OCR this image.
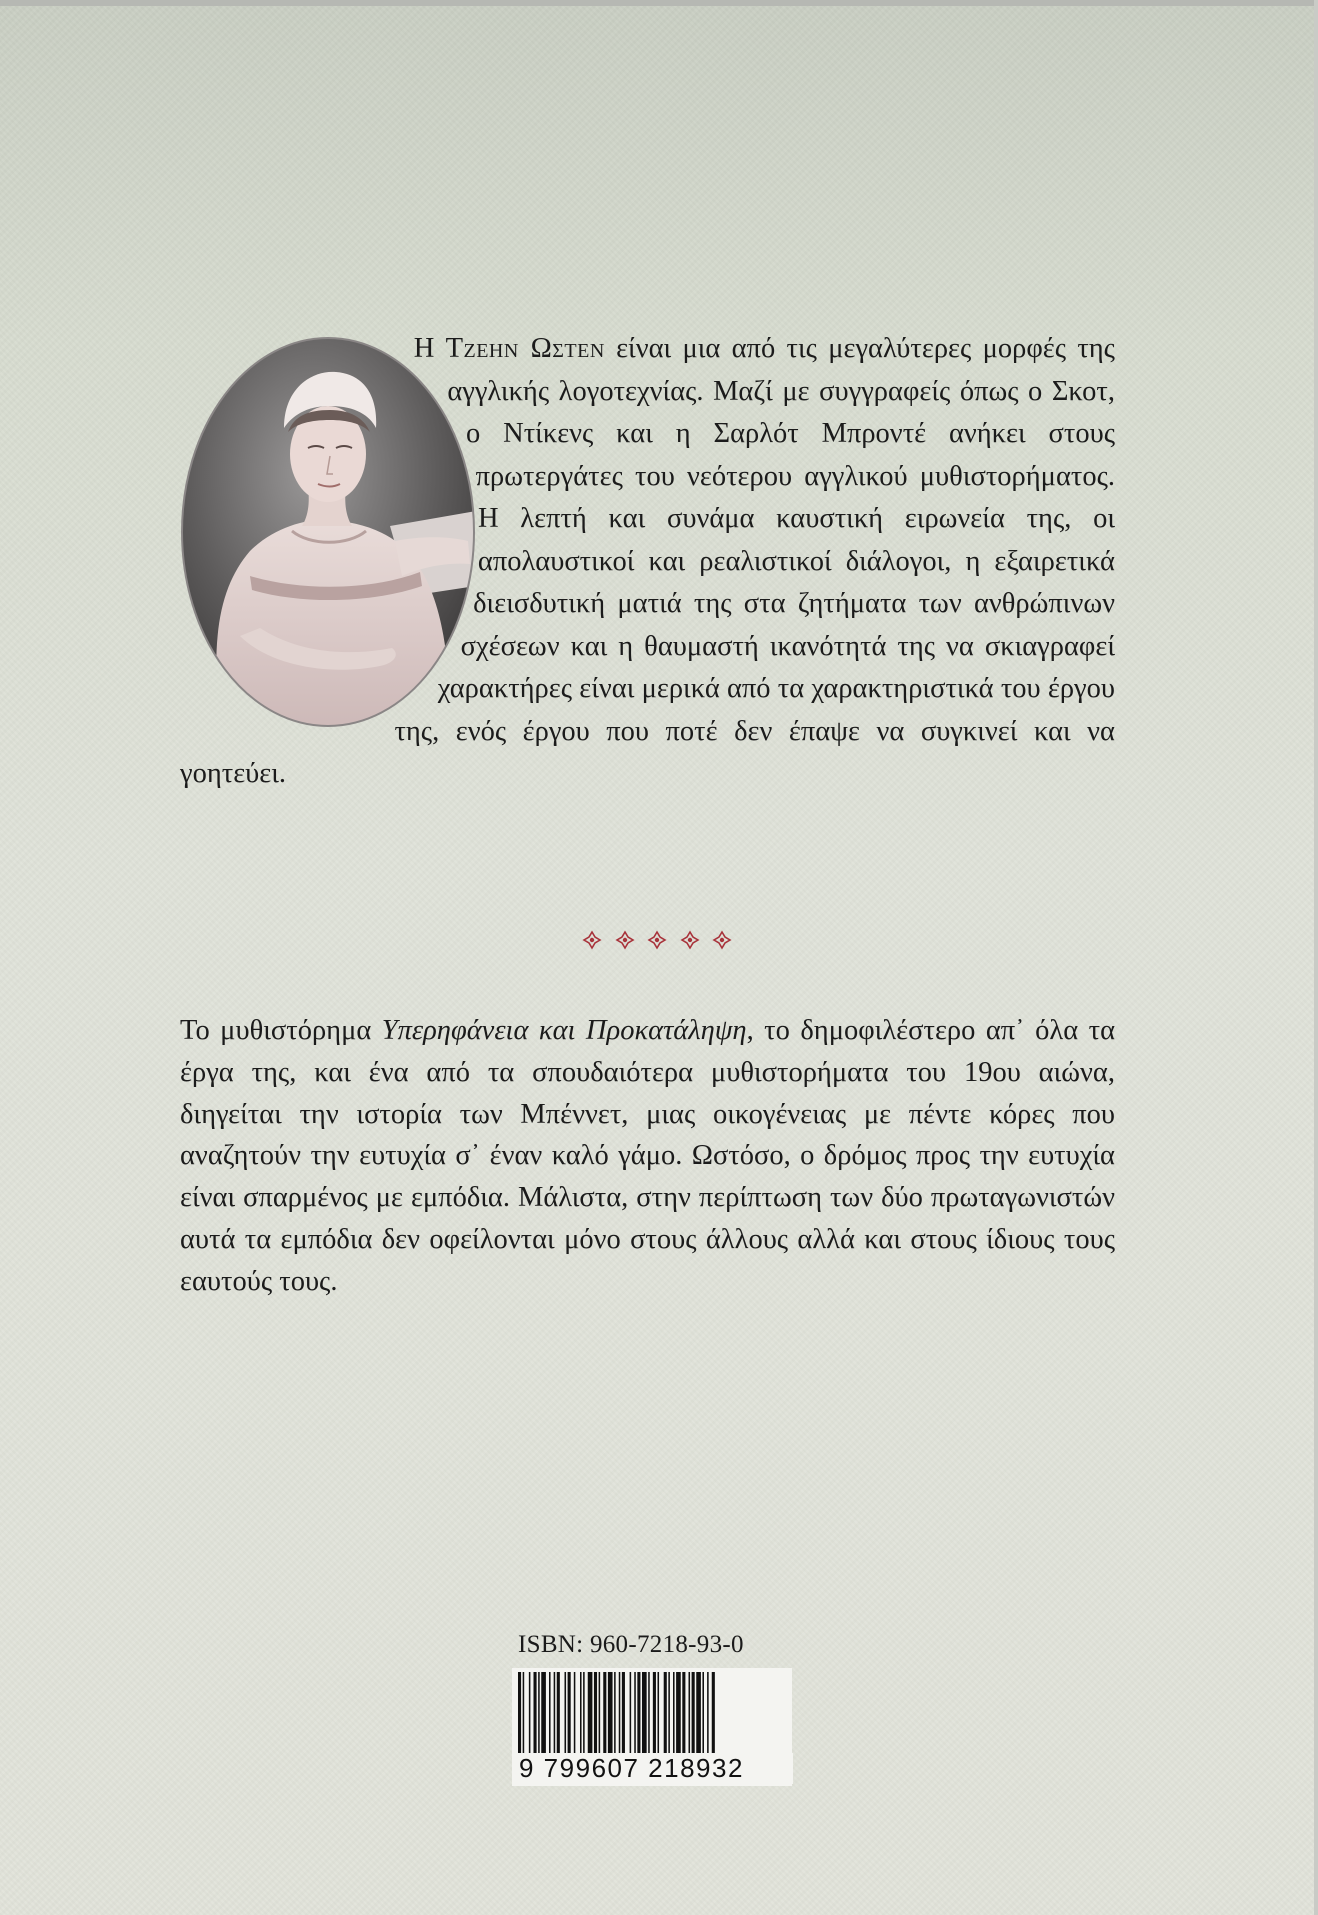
Η Τζεην Ωστεν είναι μια από τις μεγαλύτερες μορφές της αγγλικής λογοτεχνίας. Μαζί με συγγραφείς όπως ο Σκοτ, ο Ντίκενς και η Σαρλότ Μπροντέ ανήκει στους πρωτεργάτες του νεότερου αγγλικού μυθιστορήματος. Η λεπτή και συνάμα καυστική ειρωνεία της, οι απολαυστικοί και ρεαλιστικοί διάλογοι, η εξαιρετικά διεισδυτική ματιά της στα ζητήματα των ανθρώπινων σχέσεων και η θαυμαστή ικανότητά της να σκιαγραφεί χαρακτήρες είναι μερικά από τα χαρακτηριστικά του έργου της, ενός έργου που ποτέ δεν έπαψε να συγκινεί και να γοητεύει.
Το μυθιστόρημα Υπερηφάνεια και Προκατάληψη, το δημοφιλέστερο απ᾽ όλα τα έργα της, και ένα από τα σπουδαιότερα μυθιστορήματα του 19ου αιώνα, διηγείται την ιστορία των Μπέννετ, μιας οικογένειας με πέντε κόρες που αναζητούν την ευτυχία σ᾽ έναν καλό γάμο. Ωστόσο, ο δρόμος προς την ευτυχία είναι σπαρμένος με εμπόδια. Μάλιστα, στην περίπτωση των δύο πρωταγωνιστών αυτά τα εμπόδια δεν οφείλονται μόνο στους άλλους αλλά και στους ίδιους τους εαυτούς τους.
ISBN: 960-7218-93-0
9 799607 218932
